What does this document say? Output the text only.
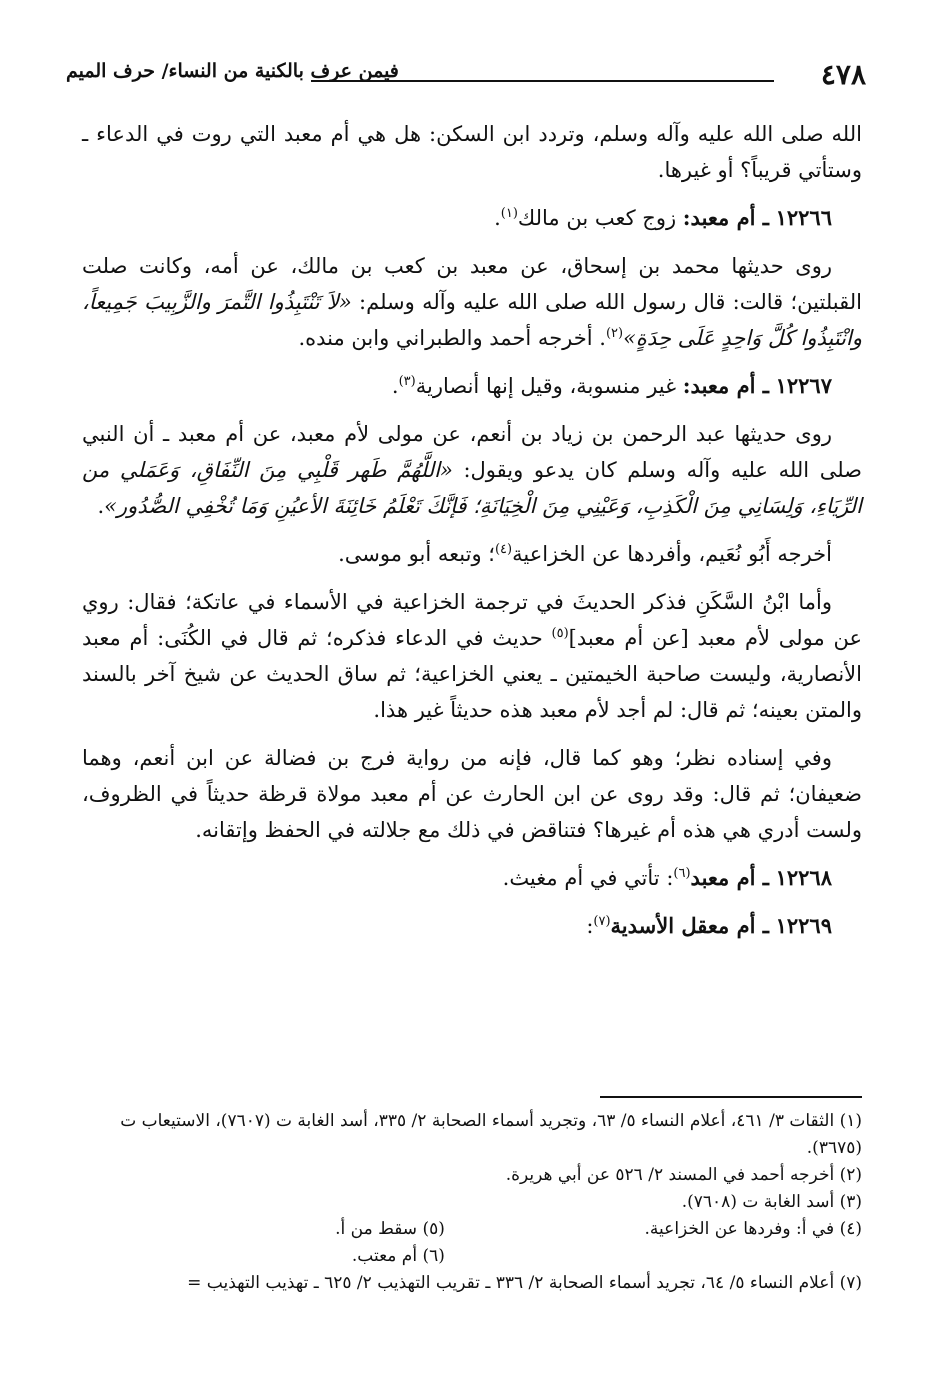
٤٧٨
فيمن عرف بالكنية من النساء/ حرف الميم

الله صلى الله عليه وآله وسلم، وتردد ابن السكن: هل هي أم معبد التي روت في الدعاء ـ وستأتي قريباً؟ أو غيرها.

١٢٢٦٦ ـ أم معبد: زوج كعب بن مالك$^{(١)}$.

روى حديثها محمد بن إسحاق، عن معبد بن كعب بن مالك، عن أمه، وكانت صلت القبلتين؛ قالت: قال رسول الله صلى الله عليه وآله وسلم: «لاَ تَنْتَبِذُوا التَّمرَ والزَّبِيبَ جَمِيعاً، وانْتَبِذُوا كُلَّ وَاحِدٍ عَلَى حِدَةٍ»$^{(٢)}$. أخرجه أحمد والطبراني وابن منده.

١٢٢٦٧ ـ أم معبد: غير منسوبة، وقيل إنها أنصارية$^{(٣)}$.

روى حديثها عبد الرحمن بن زياد بن أنعم، عن مولى لأم معبد، عن أم معبد ـ أن النبي صلى الله عليه وآله وسلم كان يدعو ويقول: «اللَّهُمَّ طَهر قَلْبِي مِنَ النِّفَاقِ، وَعَمَلي من الرِّيَاءِ، وَلِسَانِي مِنَ الْكَذِبِ، وَعَيْنِي مِنَ الْخِيَانَةِ؛ فَإنَّكَ تَعْلَمُ خَائِنَةَ الأعيُنِ وَمَا تُخْفِي الصُّدُور».

أخرجه أَبُو نُعَيم، وأفردها عن الخزاعية$^{(٤)}$؛ وتبعه أبو موسى.

وأما ابْنُ السَّكَنِ فذكر الحديثَ في ترجمة الخزاعية في الأسماء في عاتكة؛ فقال: روي عن مولى لأم معبد [عن أم معبد]$^{(٥)}$ حديث في الدعاء فذكره؛ ثم قال في الكُنَى: أم معبد الأنصارية، وليست صاحبة الخيمتين ـ يعني الخزاعية؛ ثم ساق الحديث عن شيخ آخر بالسند والمتن بعينه؛ ثم قال: لم أجد لأم معبد هذه حديثاً غير هذا.

وفي إسناده نظر؛ وهو كما قال، فإنه من رواية فرج بن فضالة عن ابن أنعم، وهما ضعيفان؛ ثم قال: وقد روى عن ابن الحارث عن أم معبد مولاة قرظة حديثاً في الظروف، ولست أدري هي هذه أم غيرها؟ فتناقض في ذلك مع جلالته في الحفظ وإتقانه.

١٢٢٦٨ ـ أم معبد$^{(٦)}$: تأتي في أم مغيث.

١٢٢٦٩ ـ أم معقل الأسدية$^{(٧)}$:

(١) الثقات ٣/ ٤٦١، أعلام النساء ٥/ ٦٣، وتجريد أسماء الصحابة ٢/ ٣٣٥، أسد الغابة ت (٧٦٠٧)، الاستيعاب ت (٣٦٧٥).

(٢) أخرجه أحمد في المسند ٢/ ٥٢٦ عن أبي هريرة.

(٣) أسد الغابة ت (٧٦٠٨).

(٤) في أ: وفردها عن الخزاعية.
(٥) سقط من أ.
(٦) أم معتب.

(٧) أعلام النساء ٥/ ٦٤، تجريد أسماء الصحابة ٢/ ٣٣٦ ـ تقريب التهذيب ٢/ ٦٢٥ ـ تهذيب التهذيب =
